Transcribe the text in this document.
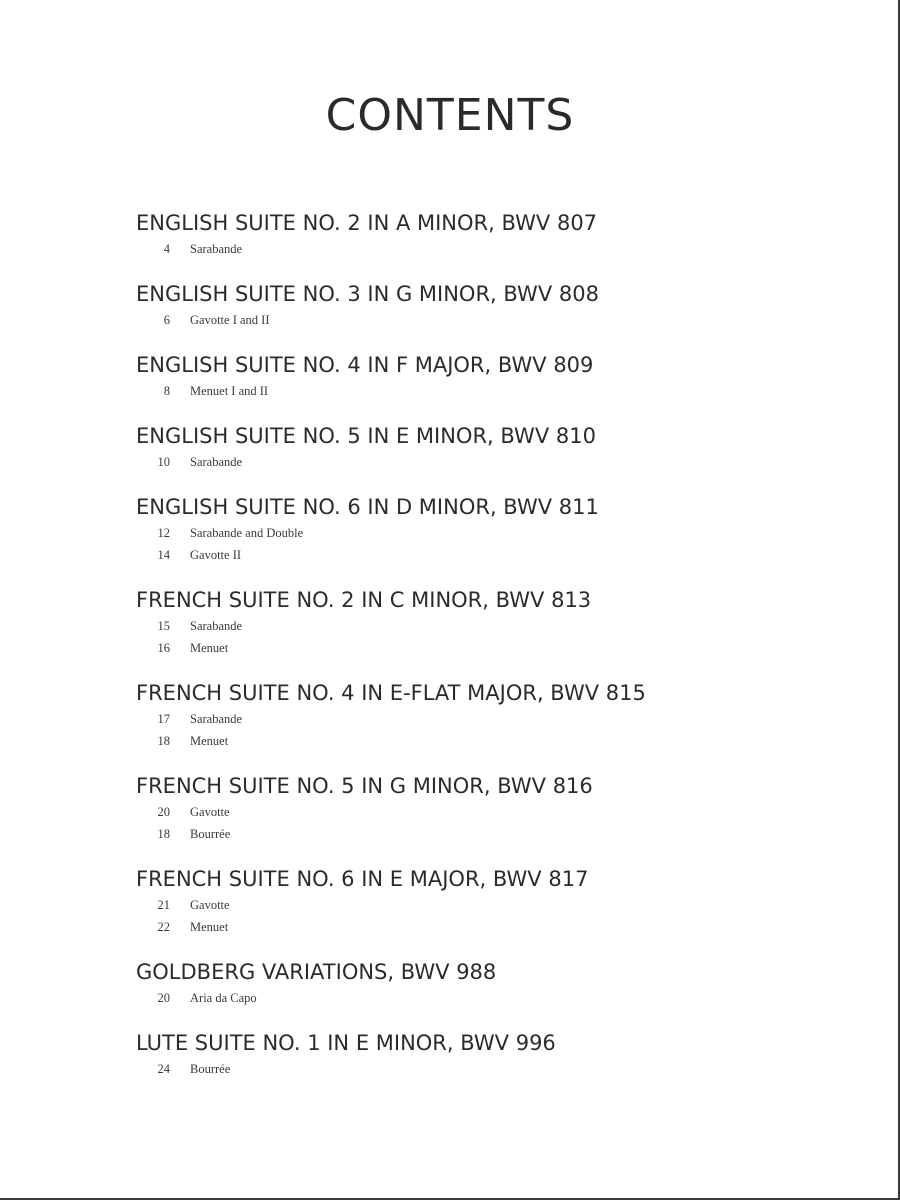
CONTENTS
ENGLISH SUITE NO. 2 IN A MINOR, BWV 807
4 Sarabande
ENGLISH SUITE NO. 3 IN G MINOR, BWV 808
6 Gavotte I and II
ENGLISH SUITE NO. 4 IN F MAJOR, BWV 809
8 Menuet I and II
ENGLISH SUITE NO. 5 IN E MINOR, BWV 810
10 Sarabande
ENGLISH SUITE NO. 6 IN D MINOR, BWV 811
12 Sarabande and Double
14 Gavotte II
FRENCH SUITE NO. 2 IN C MINOR, BWV 813
15 Sarabande
16 Menuet
FRENCH SUITE NO. 4 IN E-FLAT MAJOR, BWV 815
17 Sarabande
18 Menuet
FRENCH SUITE NO. 5 IN G MINOR, BWV 816
20 Gavotte
18 Bourrée
FRENCH SUITE NO. 6 IN E MAJOR, BWV 817
21 Gavotte
22 Menuet
GOLDBERG VARIATIONS, BWV 988
20 Aria da Capo
LUTE SUITE NO. 1 IN E MINOR, BWV 996
24 Bourrée
